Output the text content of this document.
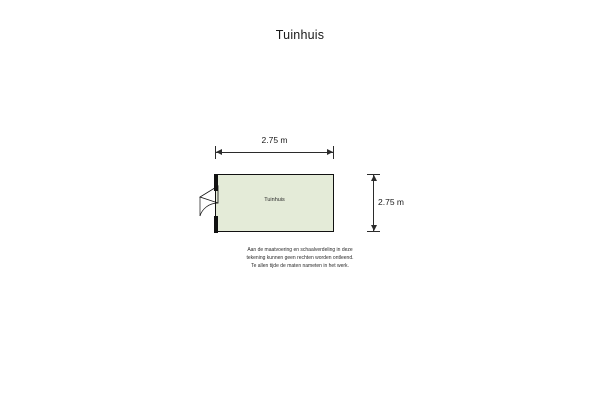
Tuinhuis
2.75 m
2.75 m
Tuinhuis
Aan de maatvoering en schaalverdeling in deze
tekening kunnen geen rechten worden ontleend.
Te allen tijde de maten nameten in het werk.
